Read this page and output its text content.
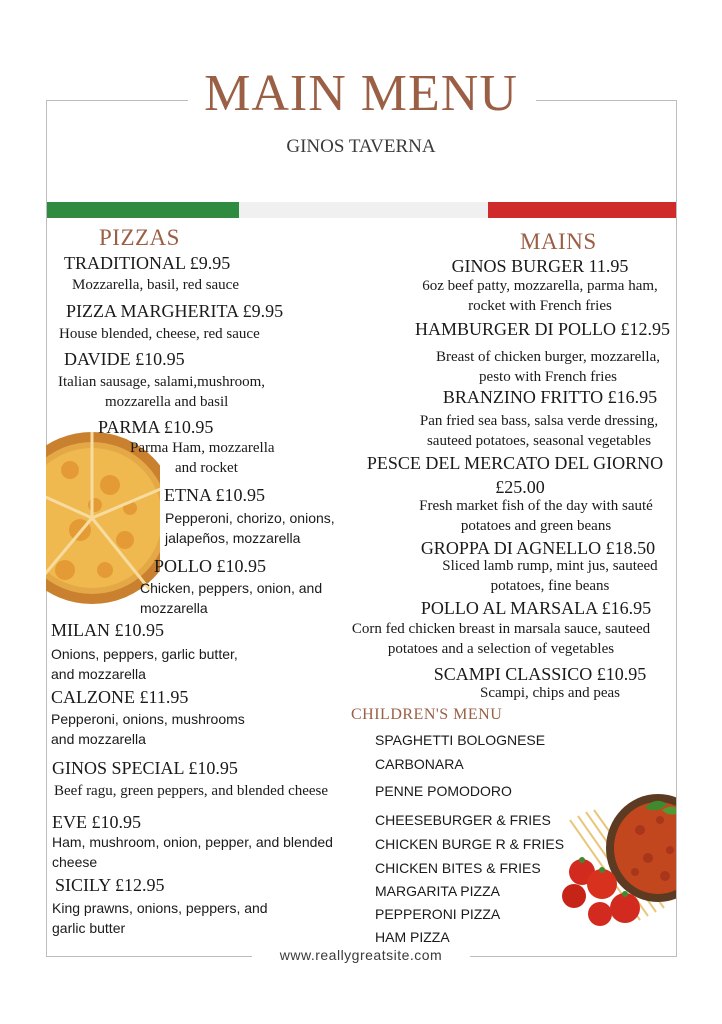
MAIN MENU
GINOS TAVERNA
PIZZAS
TRADITIONAL £9.95
Mozzarella, basil, red sauce
PIZZA MARGHERITA £9.95
House blended, cheese, red sauce
DAVIDE £10.95
Italian sausage, salami,mushroom,
mozzarella and basil
PARMA £10.95
Parma Ham, mozzarella
and rocket
ETNA £10.95
Pepperoni, chorizo, onions,
jalapeños, mozzarella
POLLO £10.95
Chicken, peppers, onion, and
mozzarella
MILAN £10.95
Onions, peppers, garlic butter,
and mozzarella
CALZONE £11.95
Pepperoni, onions, mushrooms
and mozzarella
GINOS SPECIAL £10.95
Beef ragu, green peppers, and blended cheese
EVE £10.95
Ham, mushroom, onion, pepper, and blended
cheese
SICILY £12.95
King prawns, onions, peppers, and
garlic butter
MAINS
GINOS BURGER 11.95
6oz beef patty, mozzarella, parma ham,
rocket with French fries
HAMBURGER DI POLLO £12.95
Breast of chicken burger, mozzarella,
pesto with French fries
BRANZINO FRITTO £16.95
Pan fried sea bass, salsa verde dressing,
sauteed potatoes, seasonal vegetables
PESCE DEL MERCATO DEL GIORNO
£25.00
Fresh market fish of the day with sauté
potatoes and green beans
GROPPA DI AGNELLO £18.50
Sliced lamb rump, mint jus, sauteed
potatoes, fine beans
POLLO AL MARSALA £16.95
Corn fed chicken breast in marsala sauce, sauteed
potatoes and a selection of vegetables
SCAMPI CLASSICO £10.95
Scampi, chips and peas
CHILDREN'S MENU
SPAGHETTI BOLOGNESE
CARBONARA
PENNE POMODORO
CHEESEBURGER & FRIES
CHICKEN BURGE R & FRIES
CHICKEN BITES & FRIES
MARGARITA PIZZA
PEPPERONI PIZZA
HAM PIZZA
www.reallygreatsite.com
